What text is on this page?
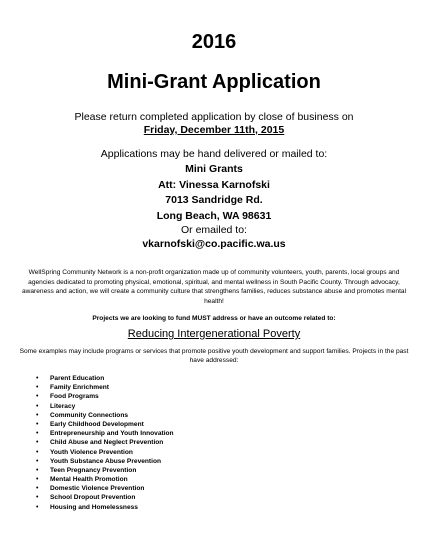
2016
Mini-Grant Application
Please return completed application by close of business on
Friday, December 11th, 2015
Applications may be hand delivered or mailed to:
Mini Grants
Att: Vinessa Karnofski
7013 Sandridge Rd.
Long Beach, WA 98631
Or emailed to:
vkarnofski@co.pacific.wa.us
WellSpring Community Network is a non-profit organization made up of community volunteers, youth, parents, local groups and agencies dedicated to promoting physical, emotional, spiritual, and mental wellness in South Pacific County. Through advocacy, awareness and action, we will create a community culture that strengthens families, reduces substance abuse and promotes mental health!
Projects we are looking to fund MUST address or have an outcome related to:
Reducing Intergenerational Poverty
Some examples may include programs or services that promote positive youth development and support families. Projects in the past have addressed:
• Parent Education
• Family Enrichment
• Food Programs
• Literacy
• Community Connections
• Early Childhood Development
• Entrepreneurship and Youth Innovation
• Child Abuse and Neglect Prevention
• Youth Violence Prevention
• Youth Substance Abuse Prevention
• Teen Pregnancy Prevention
• Mental Health Promotion
• Domestic Violence Prevention
• School Dropout Prevention
• Housing and Homelessness
